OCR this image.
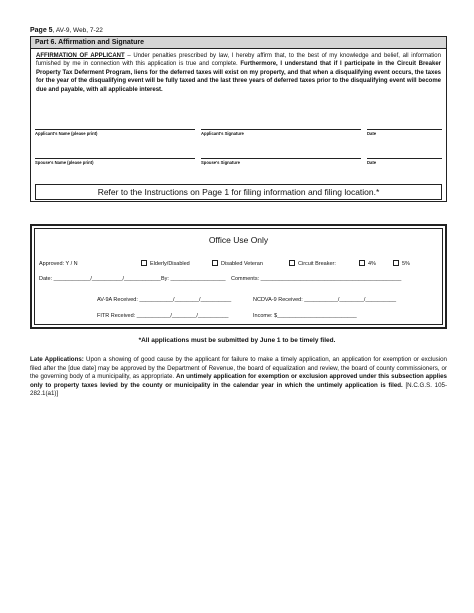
Page 5, AV-9, Web, 7-22
Part 6. Affirmation and Signature
AFFIRMATION OF APPLICANT – Under penalties prescribed by law, I hereby affirm that, to the best of my knowledge and belief, all information furnished by me in connection with this application is true and complete. Furthermore, I understand that if I participate in the Circuit Breaker Property Tax Deferment Program, liens for the deferred taxes will exist on my property, and that when a disqualifying event occurs, the taxes for the year of the disqualifying event will be fully taxed and the last three years of deferred taxes prior to the disqualifying event will become due and payable, with all applicable interest.
Applicant's Name (please print)	Applicant's Signature	Date
Spouse's Name (please print)	Spouse's Signature	Date
Refer to the Instructions on Page 1 for filing information and filing location.*
Office Use Only
Approved: Y / N	Elderly/Disabled	Disabled Veteran	Circuit Breaker:	4%	5%
Date: ____________/__________/____________ By: __________________ Comments: ______________________________________________
AV-9A Received: ___________/________/__________	NCDVA-9 Received: ___________/________/__________
FITR Received: ___________/________/__________	Income: $__________________________
*All applications must be submitted by June 1 to be timely filed.
Late Applications: Upon a showing of good cause by the applicant for failure to make a timely application, an application for exemption or exclusion filed after the [due date] may be approved by the Department of Revenue, the board of equalization and review, the board of county commissioners, or the governing body of a municipality, as appropriate. An untimely application for exemption or exclusion approved under this subsection applies only to property taxes levied by the county or municipality in the calendar year in which the untimely application is filed. [N.C.G.S. 105-282.1(a1)]
